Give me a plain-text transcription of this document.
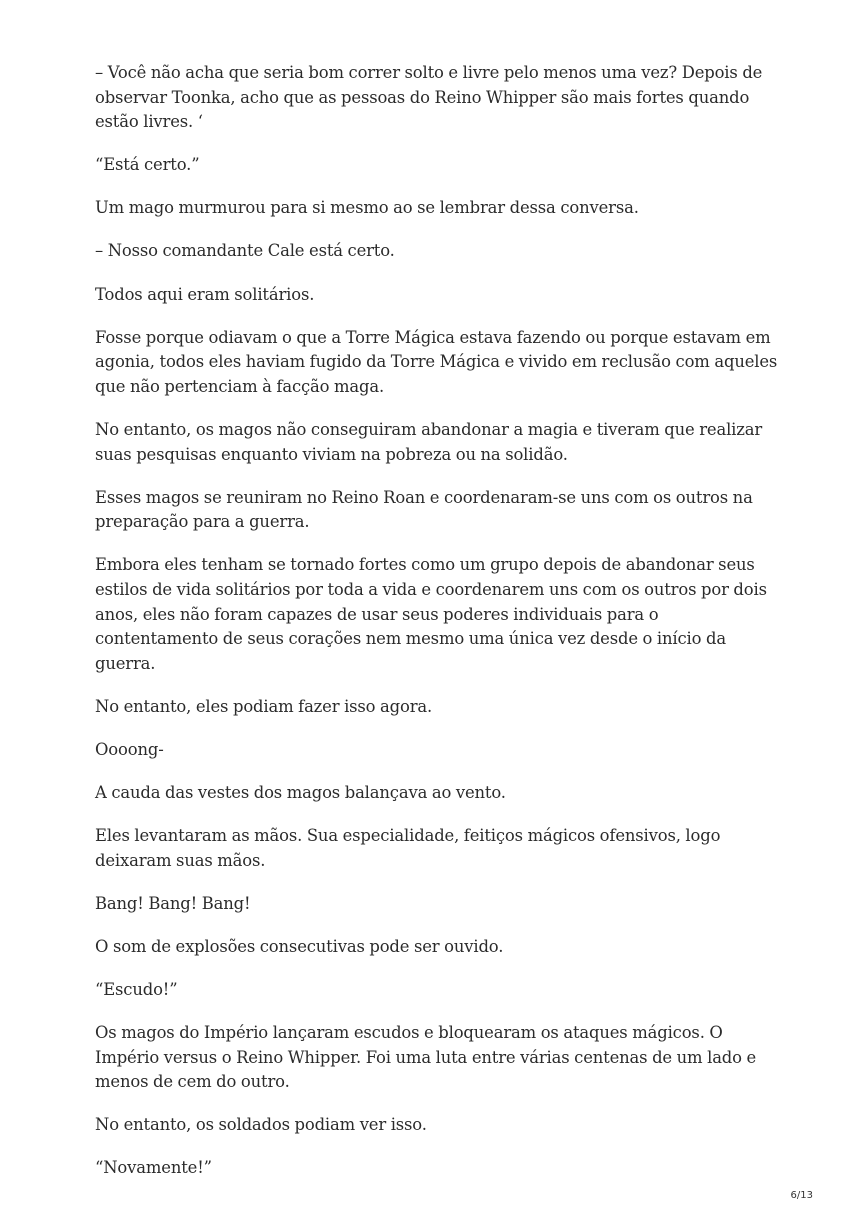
– Você não acha que seria bom correr solto e livre pelo menos uma vez? Depois de observar Toonka, acho que as pessoas do Reino Whipper são mais fortes quando estão livres. ‘

“Está certo.”

Um mago murmurou para si mesmo ao se lembrar dessa conversa.

– Nosso comandante Cale está certo.

Todos aqui eram solitários.

Fosse porque odiavam o que a Torre Mágica estava fazendo ou porque estavam em agonia, todos eles haviam fugido da Torre Mágica e vivido em reclusão com aqueles que não pertenciam à facção maga.

No entanto, os magos não conseguiram abandonar a magia e tiveram que realizar suas pesquisas enquanto viviam na pobreza ou na solidão.

Esses magos se reuniram no Reino Roan e coordenaram-se uns com os outros na preparação para a guerra.

Embora eles tenham se tornado fortes como um grupo depois de abandonar seus estilos de vida solitários por toda a vida e coordenarem uns com os outros por dois anos, eles não foram capazes de usar seus poderes individuais para o contentamento de seus corações nem mesmo uma única vez desde o início da guerra.

No entanto, eles podiam fazer isso agora.

Oooong-

A cauda das vestes dos magos balançava ao vento.

Eles levantaram as mãos. Sua especialidade, feitiços mágicos ofensivos, logo deixaram suas mãos.

Bang! Bang! Bang!

O som de explosões consecutivas pode ser ouvido.

“Escudo!”

Os magos do Império lançaram escudos e bloquearam os ataques mágicos. O Império versus o Reino Whipper. Foi uma luta entre várias centenas de um lado e menos de cem do outro.

No entanto, os soldados podiam ver isso.

“Novamente!”

6/13
